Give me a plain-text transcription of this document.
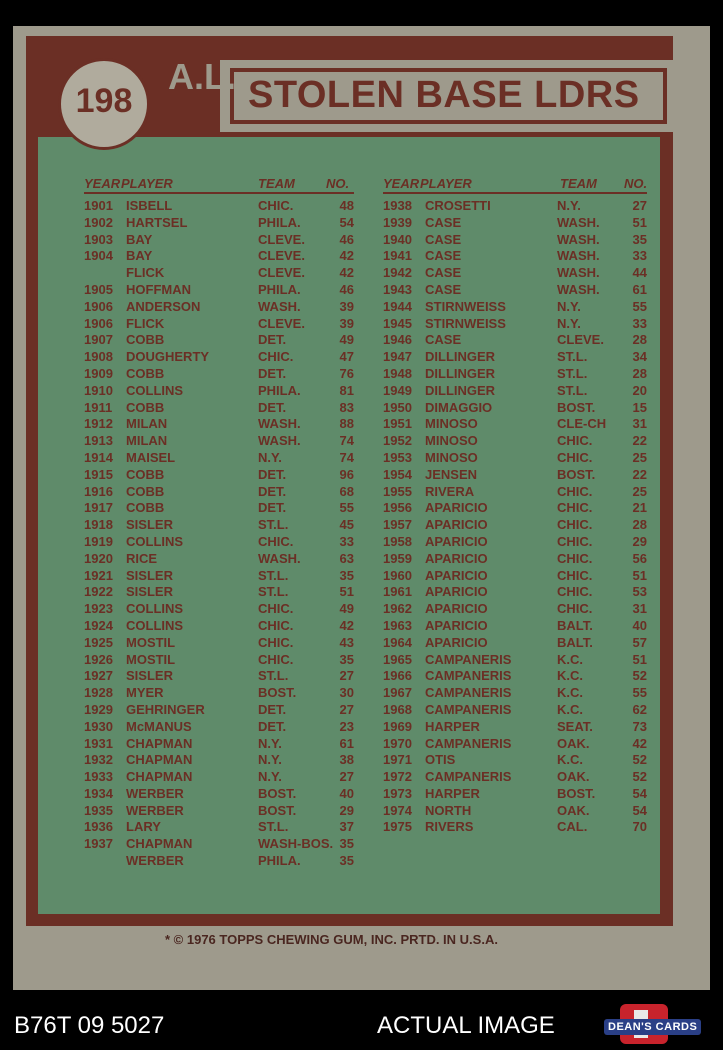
STOLEN BASE LDRS
198
A.L.
YEAR PLAYER	TEAM NO.	YEAR PLAYER	TEAM NO.
1901 ISBELL	CHIC.	48
1902 HARTSEL	PHILA.	54
1903 BAY	CLEVE.	46
1904 BAY	CLEVE.	42
FLICK	CLEVE.	42
1905 HOFFMAN	PHILA.	46
1906 ANDERSON	WASH.	39
1906 FLICK	CLEVE.	39
1907 COBB	DET.	49
1908 DOUGHERTY	CHIC.	47
1909 COBB	DET.	76
1910 COLLINS	PHILA.	81
1911 COBB	DET.	83
1912 MILAN	WASH.	88
1913 MILAN	WASH.	74
1914 MAISEL	N.Y.	74
1915 COBB	DET.	96
1916 COBB	DET.	68
1917 COBB	DET.	55
1918 SISLER	ST.L.	45
1919 COLLINS	CHIC.	33
1920 RICE	WASH.	63
1921 SISLER	ST.L.	35
1922 SISLER	ST.L.	51
1923 COLLINS	CHIC.	49
1924 COLLINS	CHIC.	42
1925 MOSTIL	CHIC.	43
1926 MOSTIL	CHIC.	35
1927 SISLER	ST.L.	27
1928 MYER	BOST.	30
1929 GEHRINGER	DET.	27
1930 McMANUS	DET.	23
1931 CHAPMAN	N.Y.	61
1932 CHAPMAN	N.Y.	38
1933 CHAPMAN	N.Y.	27
1934 WERBER	BOST.	40
1935 WERBER	BOST.	29
1936 LARY	ST.L.	37
1937 CHAPMAN	WASH-BOS. 35
WERBER	PHILA.	35
1938 CROSETTI	N.Y.	27
1939 CASE	WASH.	51
1940 CASE	WASH.	35
1941 CASE	WASH.	33
1942 CASE	WASH.	44
1943 CASE	WASH.	61
1944 STIRNWEISS	N.Y.	55
1945 STIRNWEISS	N.Y.	33
1946 CASE	CLEVE. 28
1947 DILLINGER	ST.L.	34
1948 DILLINGER	ST.L.	28
1949 DILLINGER	ST.L.	20
1950 DIMAGGIO	BOST.	15
1951 MINOSO	CLE-CH 31
1952 MINOSO	CHIC.	22
1953 MINOSO	CHIC.	25
1954 JENSEN	BOST.	22
1955 RIVERA	CHIC.	25
1956 APARICIO	CHIC.	21
1957 APARICIO	CHIC.	28
1958 APARICIO	CHIC.	29
1959 APARICIO	CHIC.	56
1960 APARICIO	CHIC.	51
1961 APARICIO	CHIC.	53
1962 APARICIO	CHIC.	31
1963 APARICIO	BALT.	40
1964 APARICIO	BALT.	57
1965 CAMPANERIS	K.C.	51
1966 CAMPANERIS	K.C.	52
1967 CAMPANERIS	K.C.	55
1968 CAMPANERIS	K.C.	62
1969 HARPER	SEAT.	73
1970 CAMPANERIS	OAK.	42
1971 OTIS	K.C.	52
1972 CAMPANERIS	OAK.	52
1973 HARPER	BOST.	54
1974 NORTH	OAK.	54
1975 RIVERS	CAL.	70
* © 1976 TOPPS CHEWING GUM, INC. PRTD. IN U.S.A.
B76T 09 5027	ACTUAL IMAGE	DEAN'S CARDS
